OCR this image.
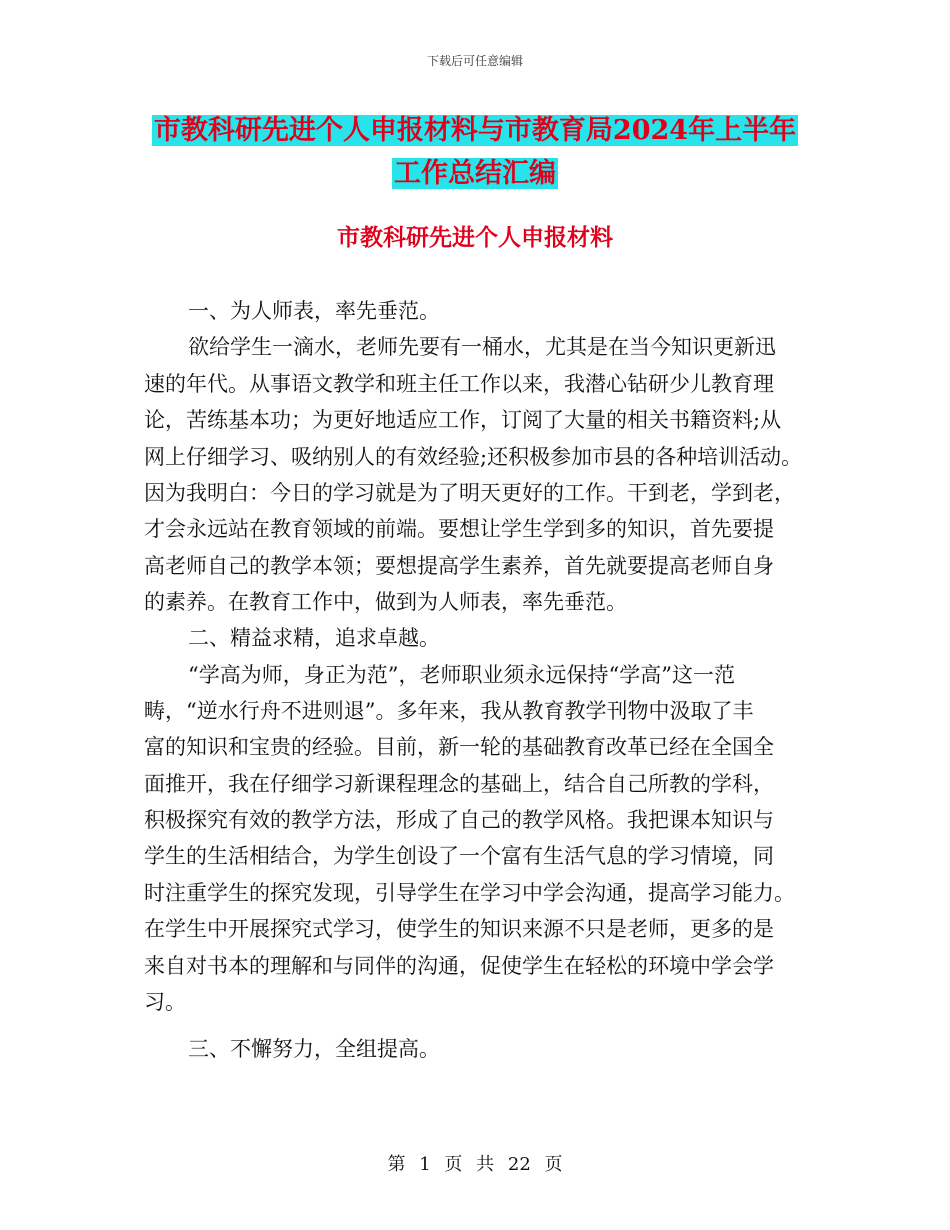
下载后可任意编辑
市教科研先进个人申报材料与市教育局2024年上半年
工作总结汇编
市教科研先进个人申报材料
一、为人师表，率先垂范。
欲给学生一滴水，老师先要有一桶水，尤其是在当今知识更新迅
速的年代。从事语文教学和班主任工作以来，我潜心钻研少儿教育理
论，苦练基本功；为更好地适应工作，订阅了大量的相关书籍资料;从
网上仔细学习、吸纳别人的有效经验;还积极参加市县的各种培训活动。
因为我明白：今日的学习就是为了明天更好的工作。干到老，学到老，
才会永远站在教育领域的前端。要想让学生学到多的知识，首先要提
高老师自己的教学本领；要想提高学生素养，首先就要提高老师自身
的素养。在教育工作中，做到为人师表，率先垂范。
二、精益求精，追求卓越。
“学高为师，身正为范”，老师职业须永远保持“学高”这一范
畴，“逆水行舟不进则退”。多年来，我从教育教学刊物中汲取了丰
富的知识和宝贵的经验。目前，新一轮的基础教育改革已经在全国全
面推开，我在仔细学习新课程理念的基础上，结合自己所教的学科，
积极探究有效的教学方法，形成了自己的教学风格。我把课本知识与
学生的生活相结合，为学生创设了一个富有生活气息的学习情境，同
时注重学生的探究发现，引导学生在学习中学会沟通，提高学习能力。
在学生中开展探究式学习，使学生的知识来源不只是老师，更多的是
来自对书本的理解和与同伴的沟通，促使学生在轻松的环境中学会学
习。
三、不懈努力，全组提高。
第 1 页 共 22 页
